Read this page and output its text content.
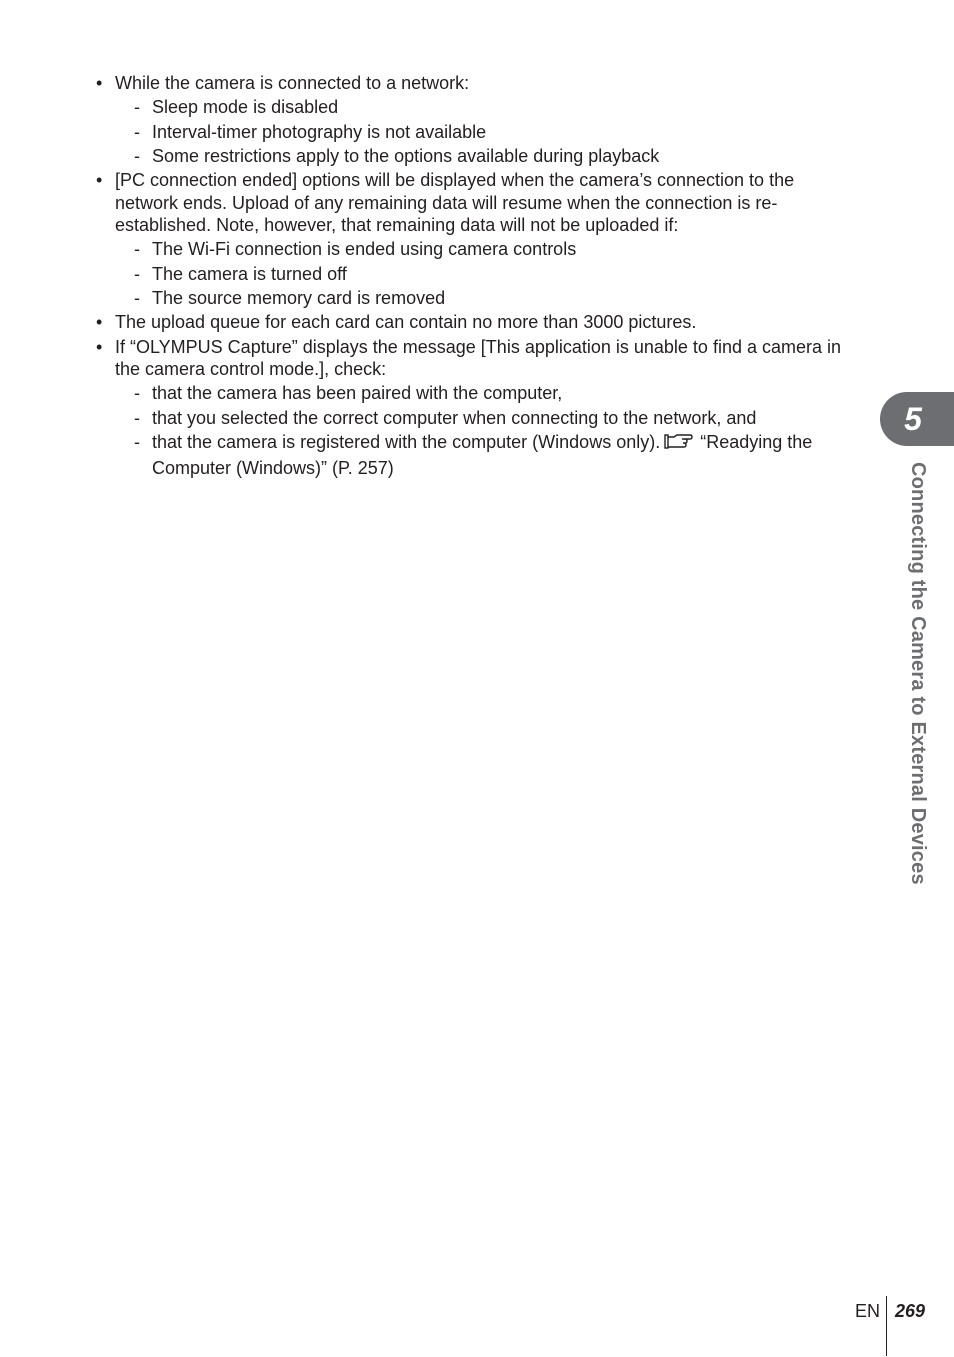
• While the camera is connected to a network:
- Sleep mode is disabled
- Interval-timer photography is not available
- Some restrictions apply to the options available during playback
• [PC connection ended] options will be displayed when the camera’s connection to the network ends. Upload of any remaining data will resume when the connection is re-established. Note, however, that remaining data will not be uploaded if:
- The Wi-Fi connection is ended using camera controls
- The camera is turned off
- The source memory card is removed
• The upload queue for each card can contain no more than 3000 pictures.
• If “OLYMPUS Capture” displays the message [This application is unable to find a camera in the camera control mode.], check:
- that the camera has been paired with the computer,
- that you selected the correct computer when connecting to the network, and
- that the camera is registered with the computer (Windows only). “Readying the Computer (Windows)” (P. 257)
5
Connecting the Camera to External Devices
EN 269
